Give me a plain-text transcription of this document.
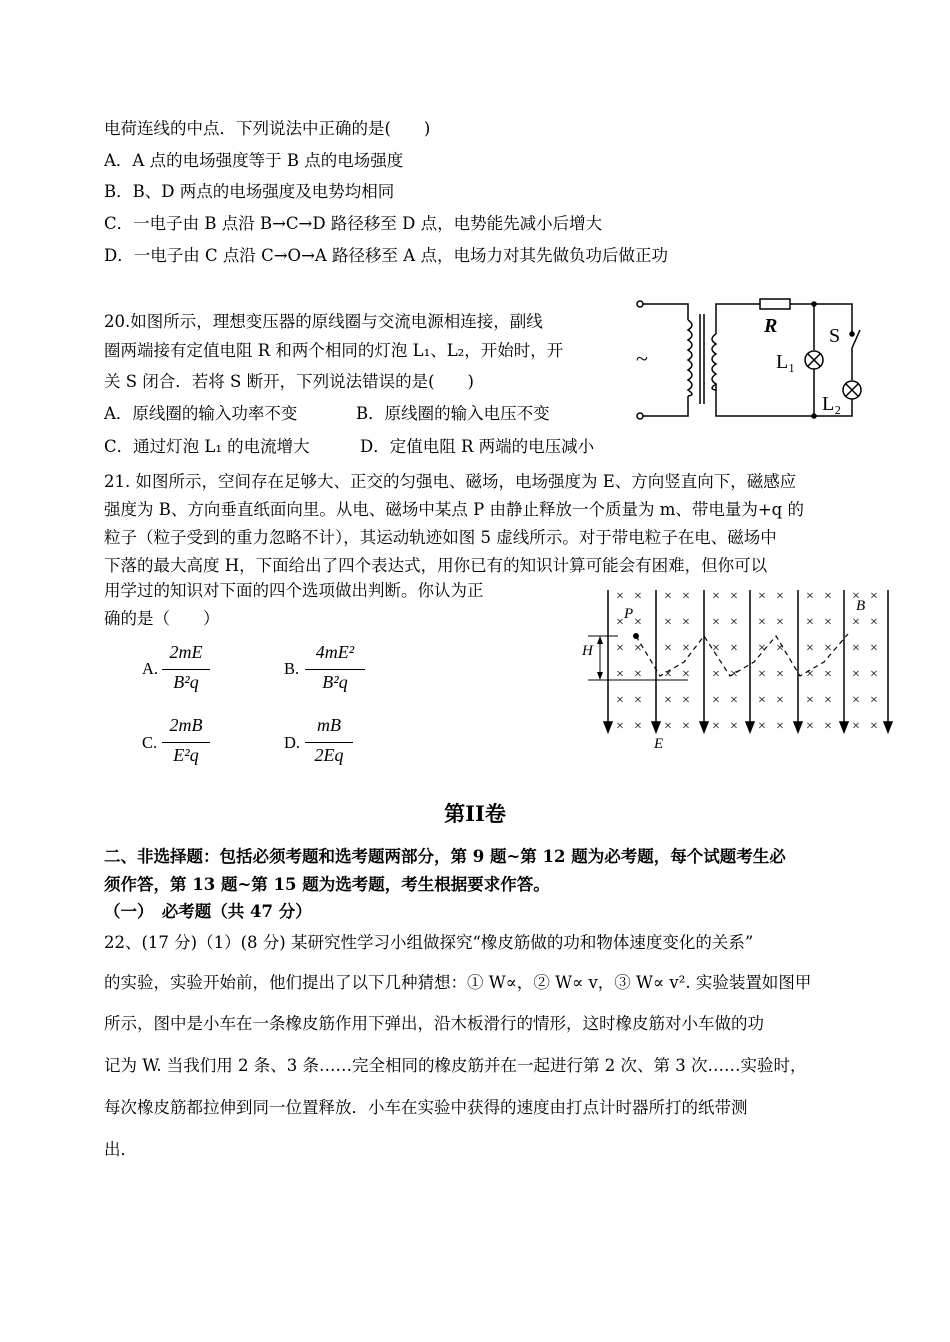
电荷连线的中点．下列说法中正确的是(　　)
A．A 点的电场强度等于 B 点的电场强度
B．B、D 两点的电场强度及电势均相同
C．一电子由 B 点沿 B→C→D 路径移至 D 点，电势能先减小后增大
D．一电子由 C 点沿 C→O→A 路径移至 A 点，电场力对其先做负功后做正功
20.如图所示，理想变压器的原线圈与交流电源相连接，副线
圈两端接有定值电阻 R 和两个相同的灯泡 L₁、L₂，开始时，开
关 S 闭合．若将 S 断开，下列说法错误的是(　　)
A．原线圈的输入功率不变	B．原线圈的输入电压不变
C．通过灯泡 L₁ 的电流增大	D．定值电阻 R 两端的电压减小
R	S
L₁
L₂
~
21. 如图所示，空间存在足够大、正交的匀强电、磁场，电场强度为 E、方向竖直向下，磁感应
强度为 B、方向垂直纸面向里。从电、磁场中某点 P 由静止释放一个质量为 m、带电量为+q 的
粒子（粒子受到的重力忽略不计），其运动轨迹如图 5 虚线所示。对于带电粒子在电、磁场中
下落的最大高度 H，下面给出了四个表达式，用你已有的知识计算可能会有困难，但你可以
用学过的知识对下面的四个选项做出判断。你认为正
确的是（　　）
A.
2mE
B²q
B.
4mE²
B²q
C.
2mB
E²q
D.
mB
2Eq
× × × × × × × × × × × ×
× × × × × × × × × × × ×
× × × × × × × × × × × ×
× × × × × × × × × × × ×
× × × × × × × × × × × ×
× × × × × × × × × × × ×
P	B
H
E
第II卷
二、非选择题：包括必须考题和选考题两部分，第 9 题~第 12 题为必考题，每个试题考生必
须作答，第 13 题~第 15 题为选考题，考生根据要求作答。
（一）　必考题（共 47 分）
22、(17 分)（1）(8 分) 某研究性学习小组做探究“橡皮筋做的功和物体速度变化的关系”
的实验，实验开始前，他们提出了以下几种猜想：① W∝，② W∝ v，③ W∝ v². 实验装置如图甲
所示，图中是小车在一条橡皮筋作用下弹出，沿木板滑行的情形，这时橡皮筋对小车做的功
记为 W. 当我们用 2 条、3 条……完全相同的橡皮筋并在一起进行第 2 次、第 3 次……实验时，
每次橡皮筋都拉伸到同一位置释放．小车在实验中获得的速度由打点计时器所打的纸带测
出．
